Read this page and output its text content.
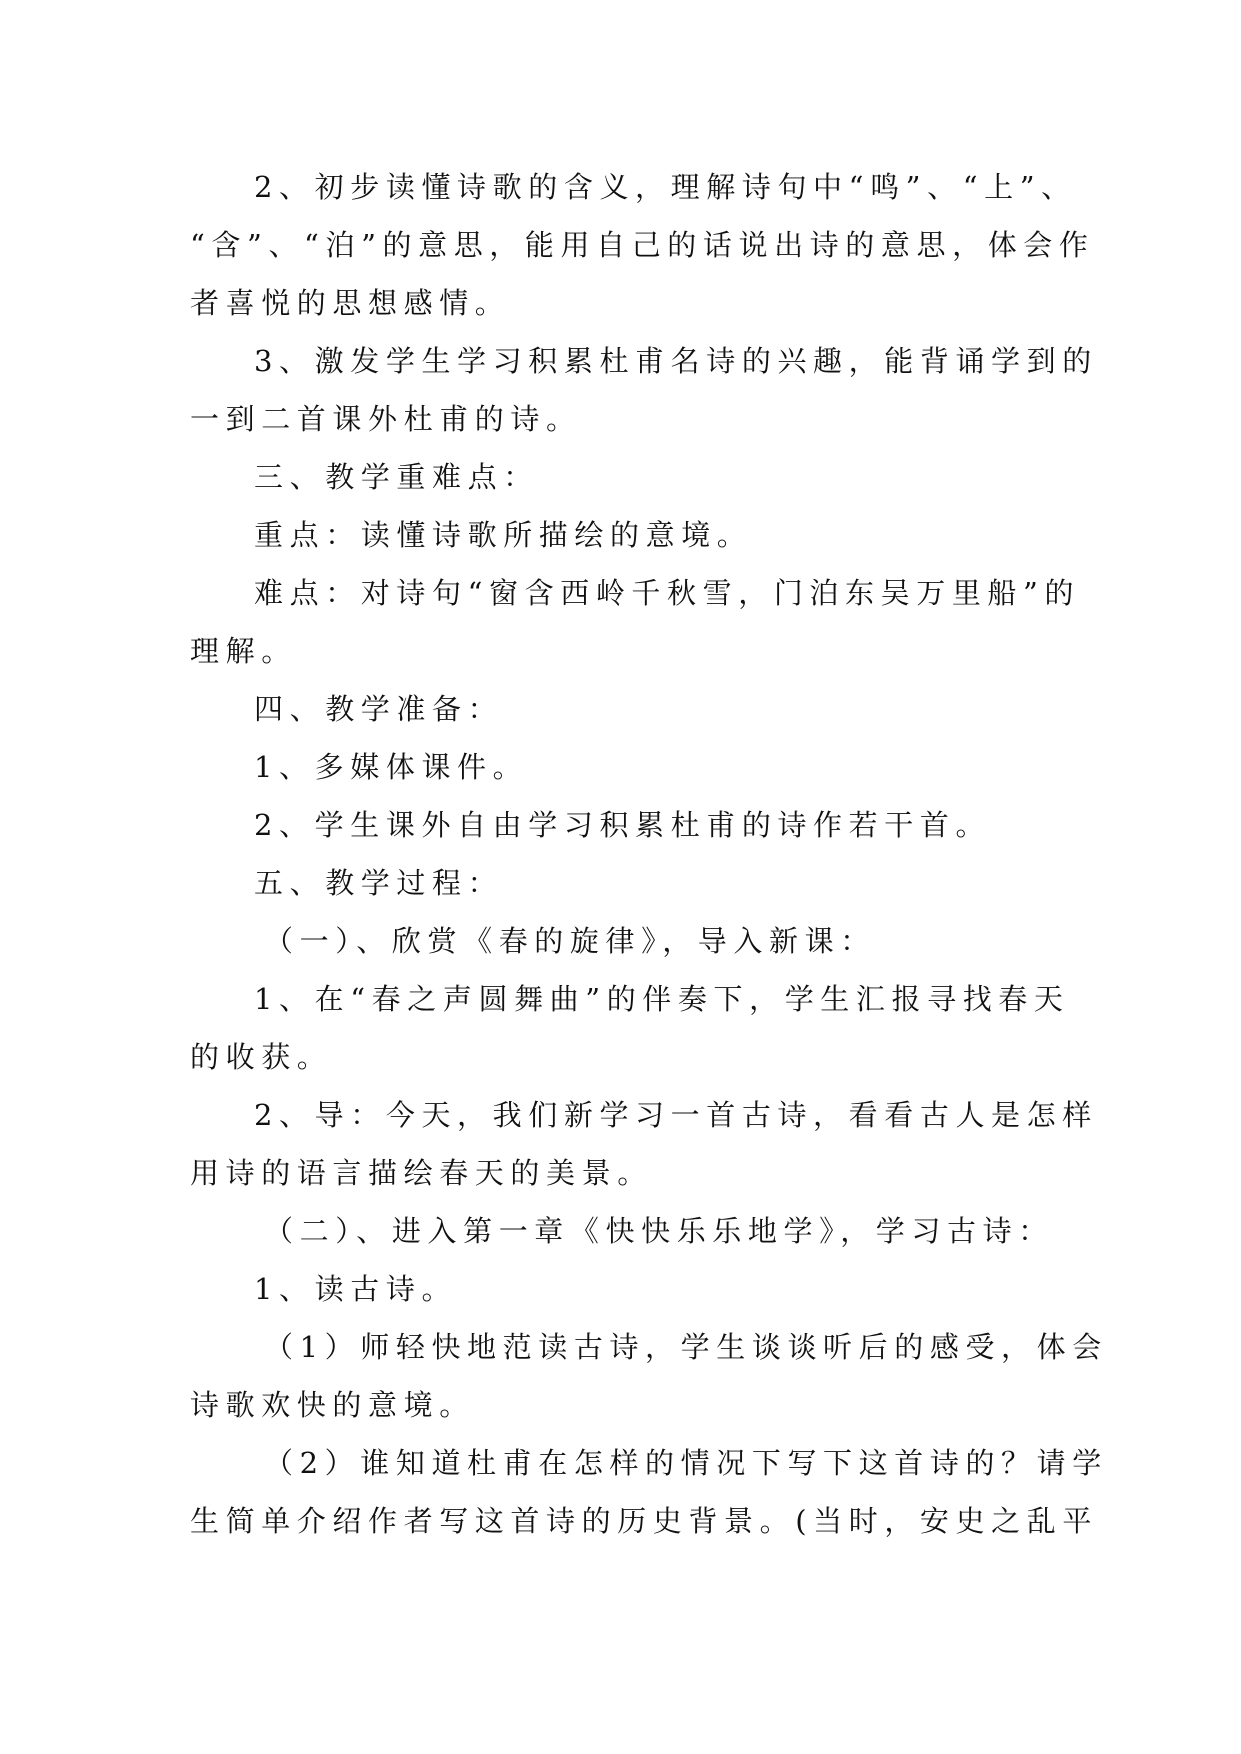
2、初步读懂诗歌的含义，理解诗句中“鸣”、“上”、
“含”、“泊”的意思，能用自己的话说出诗的意思，体会作
者喜悦的思想感情。
3、激发学生学习积累杜甫名诗的兴趣，能背诵学到的
一到二首课外杜甫的诗。
三、教学重难点：
重点：读懂诗歌所描绘的意境。
难点：对诗句“窗含西岭千秋雪，门泊东吴万里船”的
理解。
四、教学准备：
1、多媒体课件。
2、学生课外自由学习积累杜甫的诗作若干首。
五、教学过程：
（一）、欣赏《春的旋律》，导入新课：
1、在“春之声圆舞曲”的伴奏下，学生汇报寻找春天
的收获。
2、导：今天，我们新学习一首古诗，看看古人是怎样
用诗的语言描绘春天的美景。
（二）、进入第一章《快快乐乐地学》，学习古诗：
1、读古诗。
（1）师轻快地范读古诗，学生谈谈听后的感受，体会
诗歌欢快的意境。
（2）谁知道杜甫在怎样的情况下写下这首诗的？请学
生简单介绍作者写这首诗的历史背景。(当时，安史之乱平
